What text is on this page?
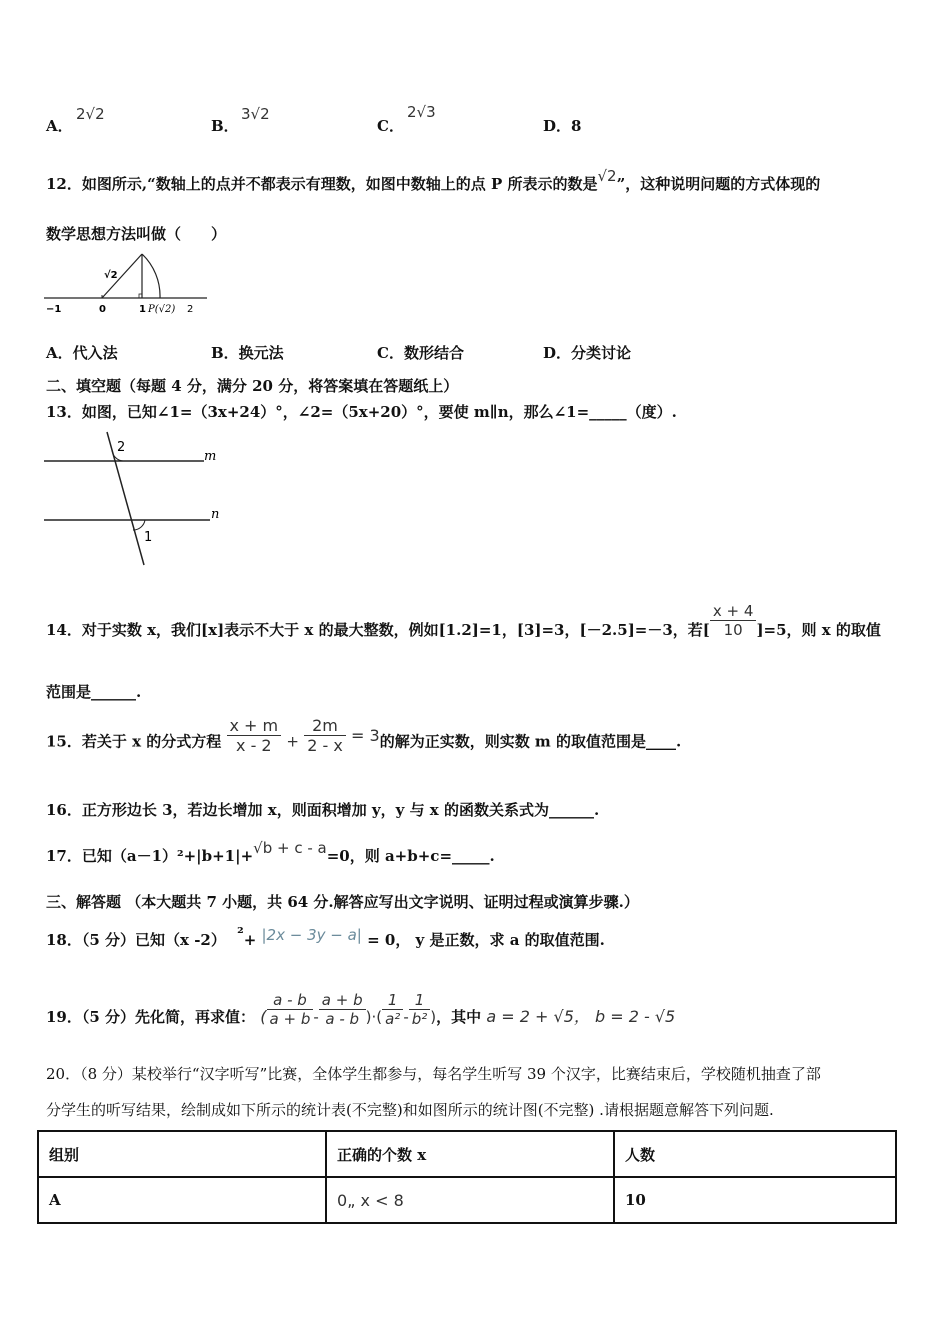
A．
2√2
B．
3√2
C．
2√3
D．8
12．如图所示,“数轴上的点并不都表示有理数，如图中数轴上的点 P 所表示的数是√2”，这种说明问题的方式体现的
数学思想方法叫做（　　）
−1	0	1 P(√2) 2
√2
A．代入法	B．换元法	C．数形结合	D．分类讨论
二、填空题（每题 4 分，满分 20 分，将答案填在答题纸上）
13．如图，已知∠1=（3x+24）°，∠2=（5x+20）°，要使 m∥n，那么∠1=_____（度）.
m
n
2
1
14．对于实数 x，我们[x]表示不大于 x 的最大整数，例如[1.2]=1，[3]=3，[－2.5]=－3，若[ $\frac{x + 4}{10} ]=5$，则 x 的取值
范围是______.
15．若关于 x 的分式方程 $\frac{x + m}{x - 2} + \frac{2m}{2 - x} = 3$的解为正实数，则实数 m 的取值范围是____.
16．正方形边长 3，若边长增加 x，则面积增加 y，y 与 x 的函数关系式为______.
17．已知（a－1）²+|b+1|+√b + c - a=0，则 a+b+c=_____.
三、解答题 （本大题共 7 小题，共 64 分.解答应写出文字说明、证明过程或演算步骤.）
18．（5 分）已知（x -2） ²+ |2x − 3y − a| = 0， y 是正数，求 a 的取值范围.
19．（5 分）先化简，再求值： ( $\frac{a - b}{a + b} - \frac{a + b}{a - b}$ )·( $\frac{1}{\text{a²}} - \frac{1}{\text{b²}}$ )，其中 a = 2 + √5， b = 2 - √5
20．（8 分）某校举行“汉字听写”比赛，全体学生都参与，每名学生听写 39 个汉字，比赛结束后，学校随机抽查了部
分学生的听写结果，绘制成如下所示的统计表(不完整)和如图所示的统计图(不完整) .请根据题意解答下列问题.
组别	正确的个数 x	人数
A	0„ x < 8	10
